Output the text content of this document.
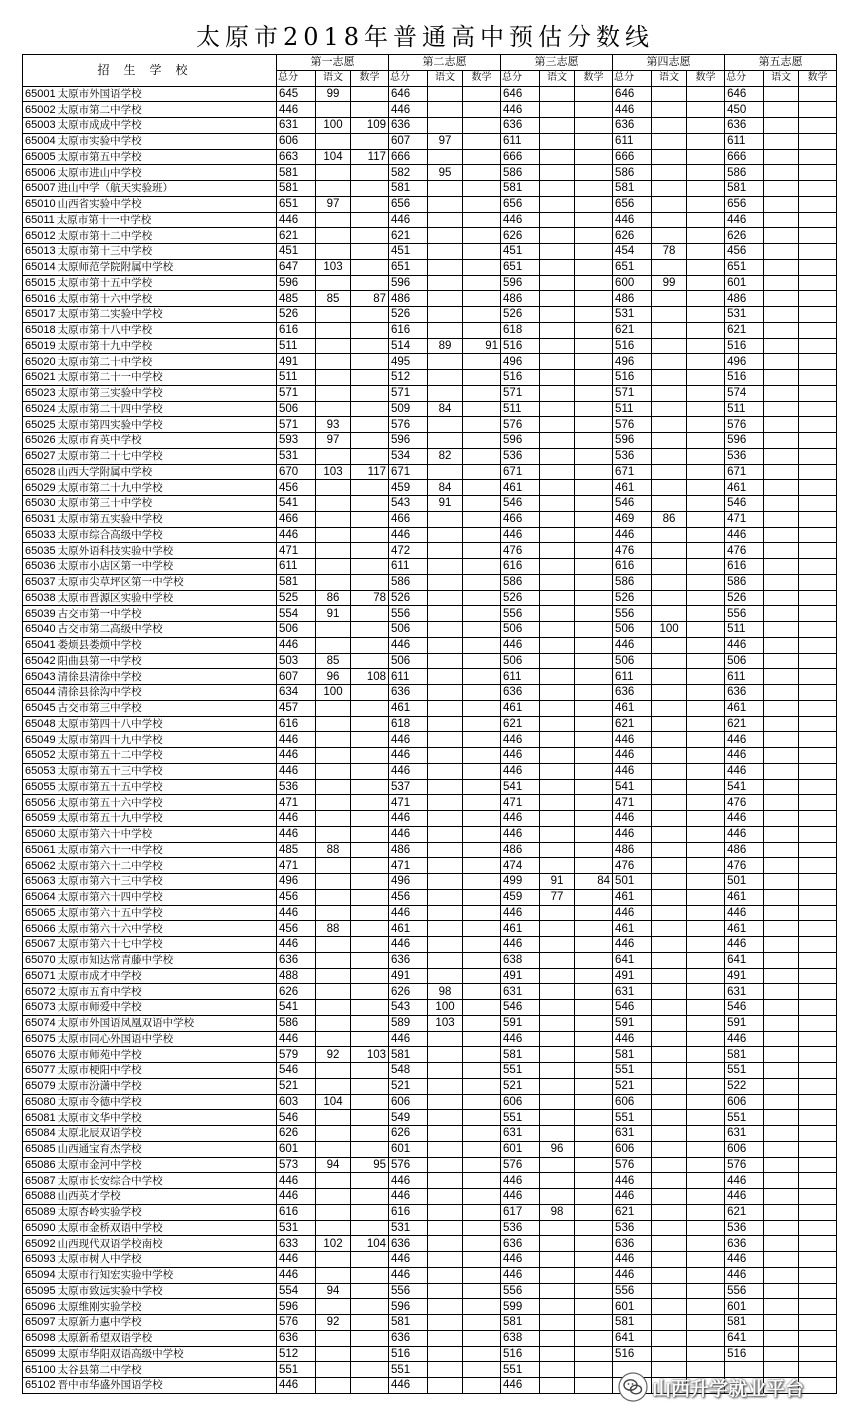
太原市2018年普通高中预估分数线
招生学校	第一志愿			第二志愿			第三志愿			第四志愿			第五志愿		
	总分	语文	数学	总分	语文	数学	总分	语文	数学	总分	语文	数学	总分	语文	数学
65001 太原市外国语学校	645	99		646			646			646			646		
65002 太原市第二中学校	446			446			446			446			450		
65003 太原市成成中学校	631	100	109	636			636			636			636		
65004 太原市实验中学校	606			607	97		611			611			611		
65005 太原市第五中学校	663	104	117	666			666			666			666		
65006 太原市进山中学校	581			582	95		586			586			586		
65007 进山中学（航天实验班）	581			581			581			581			581		
65010 山西省实验中学校	651	97		656			656			656			656		
65011 太原市第十一中学校	446			446			446			446			446		
65012 太原市第十二中学校	621			621			626			626			626		
65013 太原市第十三中学校	451			451			451			454	78		456		
65014 太原师范学院附属中学校	647	103		651			651			651			651		
65015 太原市第十五中学校	596			596			596			600	99		601		
65016 太原市第十六中学校	485	85	87	486			486			486			486		
65017 太原市第二实验中学校	526			526			526			531			531		
65018 太原市第十八中学校	616			616			618			621			621		
65019 太原市第十九中学校	511			514	89	91	516			516			516		
65020 太原市第二十中学校	491			495			496			496			496		
65021 太原市第二十一中学校	511			512			516			516			516		
65023 太原市第三实验中学校	571			571			571			571			574		
65024 太原市第二十四中学校	506			509	84		511			511			511		
65025 太原市第四实验中学校	571	93		576			576			576			576		
65026 太原市育英中学校	593	97		596			596			596			596		
65027 太原市第二十七中学校	531			534	82		536			536			536		
65028 山西大学附属中学校	670	103	117	671			671			671			671		
65029 太原市第二十九中学校	456			459	84		461			461			461		
65030 太原市第三十中学校	541			543	91		546			546			546		
65031 太原市第五实验中学校	466			466			466			469	86		471		
65033 太原市综合高级中学校	446			446			446			446			446		
65035 太原外语科技实验中学校	471			472			476			476			476		
65036 太原市小店区第一中学校	611			611			616			616			616		
65037 太原市尖草坪区第一中学校	581			586			586			586			586		
65038 太原市晋源区实验中学校	525	86	78	526			526			526			526		
65039 古交市第一中学校	554	91		556			556			556			556		
65040 古交市第二高级中学校	506			506			506			506	100		511		
65041 娄烦县娄烦中学校	446			446			446			446			446		
65042 阳曲县第一中学校	503	85		506			506			506			506		
65043 清徐县清徐中学校	607	96	108	611			611			611			611		
65044 清徐县徐沟中学校	634	100		636			636			636			636		
65045 古交市第三中学校	457			461			461			461			461		
65048 太原市第四十八中学校	616			618			621			621			621		
65049 太原市第四十九中学校	446			446			446			446			446		
65052 太原市第五十二中学校	446			446			446			446			446		
65053 太原市第五十三中学校	446			446			446			446			446		
65055 太原市第五十五中学校	536			537			541			541			541		
65056 太原市第五十六中学校	471			471			471			471			476		
65059 太原市第五十九中学校	446			446			446			446			446		
65060 太原市第六十中学校	446			446			446			446			446		
65061 太原市第六十一中学校	485	88		486			486			486			486		
65062 太原市第六十二中学校	471			471			474			476			476		
65063 太原市第六十三中学校	496			496			499	91	84	501			501		
65064 太原市第六十四中学校	456			456			459	77		461			461		
65065 太原市第六十五中学校	446			446			446			446			446		
65066 太原市第六十六中学校	456	88		461			461			461			461		
65067 太原市第六十七中学校	446			446			446			446			446		
65070 太原市知达常青藤中学校	636			636			638			641			641		
65071 太原市成才中学校	488			491			491			491			491		
65072 太原市五育中学校	626			626	98		631			631			631		
65073 太原市师爱中学校	541			543	100		546			546			546		
65074 太原市外国语凤凰双语中学校	586			589	103		591			591			591		
65075 太原市同心外国语中学校	446			446			446			446			446		
65076 太原市师苑中学校	579	92	103	581			581			581			581		
65077 太原市梗阳中学校	546			548			551			551			551		
65079 太原市汾潇中学校	521			521			521			521			522		
65080 太原市令德中学校	603	104		606			606			606			606		
65081 太原市文华中学校	546			549			551			551			551		
65084 太原北辰双语学校	626			626			631			631			631		
65085 山西通宝育杰学校	601			601			601	96		606			606		
65086 太原市金河中学校	573	94	95	576			576			576			576		
65087 太原市长安综合中学校	446			446			446			446			446		
65088 山西英才学校	446			446			446			446			446		
65089 太原杏岭实验学校	616			616			617	98		621			621		
65090 太原市金桥双语中学校	531			531			536			536			536		
65092 山西现代双语学校南校	633	102	104	636			636			636			636		
65093 太原市树人中学校	446			446			446			446			446		
65094 太原市行知宏实验中学校	446			446			446			446			446		
65095 太原市致远实验中学校	554	94		556			556			556			556		
65096 太原维刚实验学校	596			596			599			601			601		
65097 太原新力惠中学校	576	92		581			581			581			581		
65098 太原新希望双语学校	636			636			638			641			641		
65099 太原市华阳双语高级中学校	512			516			516			516			516		
65100 太谷县第二中学校	551			551			551								
65102 晋中市华盛外国语学校	446			446			446									山西升学就业平台
